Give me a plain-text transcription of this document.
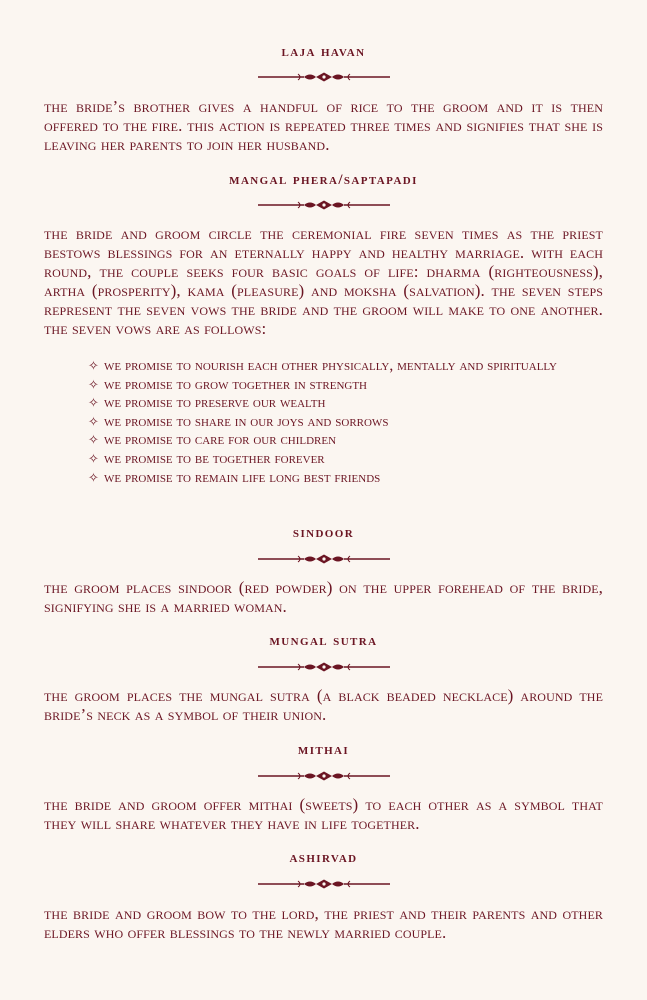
laja havan

the bride’s brother gives a handful of rice to the groom and it is then offered to the fire. this action is repeated three times and signifies that she is leaving her parents to join her husband.

mangal phera/saptapadi

the bride and groom circle the ceremonial fire seven times as the priest bestows blessings for an eternally happy and healthy marriage. with each round, the couple seeks four basic goals of life: dharma (righteousness), artha (prosperity), kama (pleasure) and moksha (salvation). the seven steps represent the seven vows the bride and the groom will make to one another. the seven vows are as follows:

✧ we promise to nourish each other physically, mentally and spiritually
✧ we promise to grow together in strength
✧ we promise to preserve our wealth
✧ we promise to share in our joys and sorrows
✧ we promise to care for our children
✧ we promise to be together forever
✧ we promise to remain life long best friends
sindoor

the groom places sindoor (red powder) on the upper forehead of the bride, signifying she is a married woman.

mungal sutra

the groom places the mungal sutra (a black beaded necklace) around the bride’s neck as a symbol of their union.

mithai

the bride and groom offer mithai (sweets) to each other as a symbol that they will share whatever they have in life together.

ashirvad

the bride and groom bow to the lord, the priest and their parents and other elders who offer blessings to the newly married couple.
